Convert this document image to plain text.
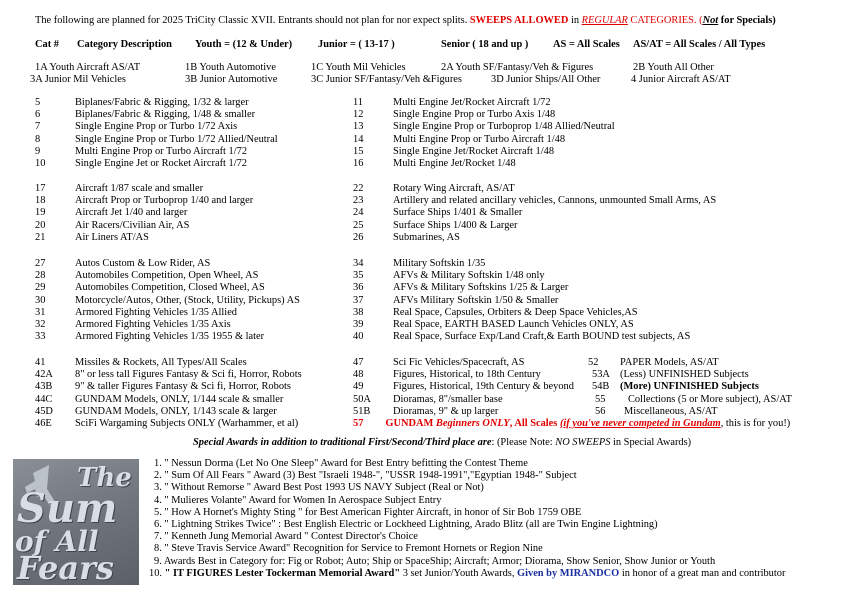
The following are planned for 2025 TriCity Classic XVII. Entrants should not plan for nor expect splits. SWEEPS ALLOWED in REGULAR CATEGORIES. (Not for Specials)
Cat # Category Description Youth = (12 & Under) Junior = ( 13-17 )	Senior ( 18 and up ) AS = All Scales AS/AT = All Scales / All Types
1A Youth Aircraft AS/AT	1B Youth Automotive	1C Youth Mil Vehicles	2A Youth SF/Fantasy/Veh & Figures	2B Youth All Other
3A Junior Mil Vehicles	3B Junior Automotive	3C Junior SF/Fantasy/Veh &Figures	3D Junior Ships/All Other	4 Junior Aircraft AS/AT
5	Biplanes/Fabric & Rigging, 1/32 & larger
6	Biplanes/Fabric & Rigging, 1/48 & smaller
7	Single Engine Prop or Turbo 1/72 Axis
8	Single Engine Prop or Turbo 1/72 Allied/Neutral
9	Multi Engine Prop or Turbo Aircraft 1/72
10	Single Engine Jet or Rocket Aircraft 1/72
11	Multi Engine Jet/Rocket Aircraft 1/72
12	Single Engine Prop or Turbo Axis 1/48
13	Single Engine Prop or Turboprop 1/48 Allied/Neutral
14	Multi Engine Prop or Turbo Aircraft 1/48
15	Single Engine Jet/Rocket Aircraft 1/48
16	Multi Engine Jet/Rocket 1/48
17	Aircraft 1/87 scale and smaller
18	Aircraft Prop or Turboprop 1/40 and larger
19	Aircraft Jet 1/40 and larger
20	Air Racers/Civilian Air, AS
21	Air Liners AT/AS
22	Rotary Wing Aircraft, AS/AT
23	Artillery and related ancillary vehicles, Cannons, unmounted Small Arms, AS
24	Surface Ships 1/401 & Smaller
25	Surface Ships 1/400 & Larger
26	Submarines, AS
27	Autos Custom & Low Rider, AS
28	Automobiles Competition, Open Wheel, AS
29	Automobiles Competition, Closed Wheel, AS
30	Motorcycle/Autos, Other, (Stock, Utility, Pickups) AS
31	Armored Fighting Vehicles 1/35 Allied
32	Armored Fighting Vehicles 1/35 Axis
33	Armored Fighting Vehicles 1/35 1955 & later
34	Military Softskin 1/35
35	AFVs & Military Softskin 1/48 only
36	AFVs & Military Softskins 1/25 & Larger
37	AFVs Military Softskin 1/50 & Smaller
38	Real Space, Capsules, Orbiters & Deep Space Vehicles,AS
39	Real Space, EARTH BASED Launch Vehicles ONLY, AS
40	Real Space, Surface Exp/Land Craft,& Earth BOUND test subjects, AS
41	Missiles & Rockets, All Types/All Scales
42A 8" or less tall Figures Fantasy & Sci fi, Horror, Robots
43B 9" & taller Figures Fantasy & Sci fi, Horror, Robots
44C GUNDAM Models, ONLY, 1/144 scale & smaller
45D GUNDAM Models, ONLY, 1/143 scale & larger
46E SciFi Wargaming Subjects ONLY (Warhammer, et al)
47	Sci Fic Vehicles/Spacecraft, AS
48	Figures, Historical, to 18th Century
49	Figures, Historical, 19th Century & beyond
50A Dioramas, 8"/smaller base
51B Dioramas, 9" & up larger
52 PAPER Models, AS/AT
53A (Less) UNFINISHED Subjects
54B (More) UNFINISHED Subjects
55 Collections (5 or More subject), AS/AT
56 Miscellaneous, AS/AT
57 GUNDAM Beginners ONLY, All Scales (if you've never competed in Gundam, this is for you!)
Special Awards in addition to traditional First/Second/Third place are: (Please Note: NO SWEEPS in Special Awards)
The
Sum
of All
Fears
1. " Nessun Dorma (Let No One Sleep" Award for Best Entry befitting the Contest Theme
2. " Sum Of All Fears " Award (3) Best "Israeli 1948-", "USSR 1948-1991","Egyptian 1948-" Subject
3. " Without Remorse " Award Best Post 1993 US NAVY Subject (Real or Not)
4. " Mulieres Volante" Award for Women In Aerospace Subject Entry
5. " How A Hornet's Mighty Sting " for Best American Fighter Aircraft, in honor of Sir Bob 1759 OBE
6. " Lightning Strikes Twice" : Best English Electric or Lockheed Lightning, Arado Blitz (all are Twin Engine Lightning)
7. " Kenneth Jung Memorial Award " Contest Director's Choice
8. " Steve Travis Service Award" Recognition for Service to Fremont Hornets or Region Nine
9. Awards Best in Category for: Fig or Robot; Auto; Ship or SpaceShip; Aircraft; Armor; Diorama, Show Senior, Show Junior or Youth
10. " IT FIGURES Lester Tockerman Memorial Award" 3 set Junior/Youth Awards, Given by MIRANDCO in honor of a great man and contributor
